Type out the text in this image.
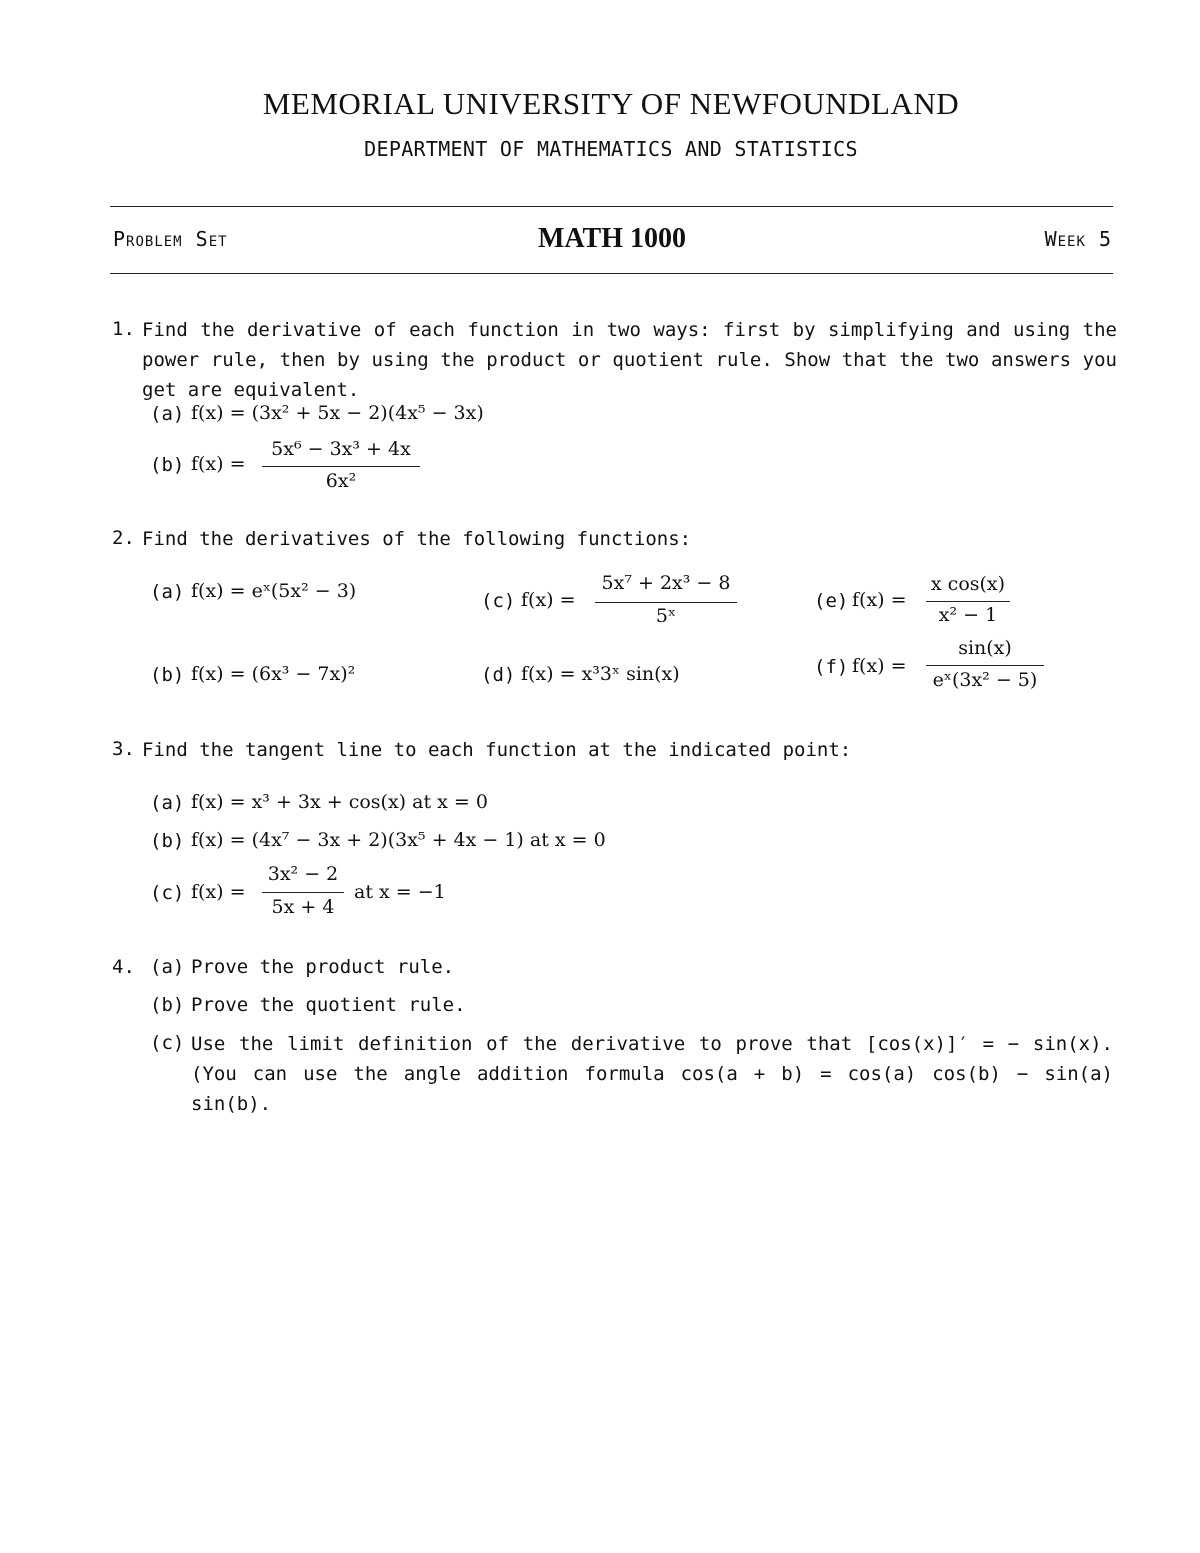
MEMORIAL UNIVERSITY OF NEWFOUNDLAND
DEPARTMENT OF MATHEMATICS AND STATISTICS
Problem Set	MATH 1000	Week 5
1. Find the derivative of each function in two ways: first by simplifying and using the power rule, then by using the product or quotient rule. Show that the two answers you get are equivalent.
(a) f(x) = (3x² + 5x − 2)(4x⁵ − 3x)
(b) f(x) =
5x⁶ − 3x³ + 4x
6x²
2. Find the derivatives of the following functions:
(a) f(x) = eˣ(5x² − 3)
(b) f(x) = (6x³ − 7x)²
(c) f(x) =
5x⁷ + 2x³ − 8
5ˣ
(d) f(x) = x³3ˣ sin(x)
(e) f(x) =
x cos(x)
x² − 1
(f) f(x) =
sin(x)
eˣ(3x² − 5)
3. Find the tangent line to each function at the indicated point:
(a) f(x) = x³ + 3x + cos(x) at x = 0
(b) f(x) = (4x⁷ − 3x + 2)(3x⁵ + 4x − 1) at x = 0
(c) f(x) =
3x² − 2
5x + 4
at x = −1
4. (a) Prove the product rule.
(b) Prove the quotient rule.
(c) Use the limit definition of the derivative to prove that [cos(x)]′ = − sin(x). (You can use the angle addition formula cos(a + b) = cos(a) cos(b) − sin(a) sin(b).
